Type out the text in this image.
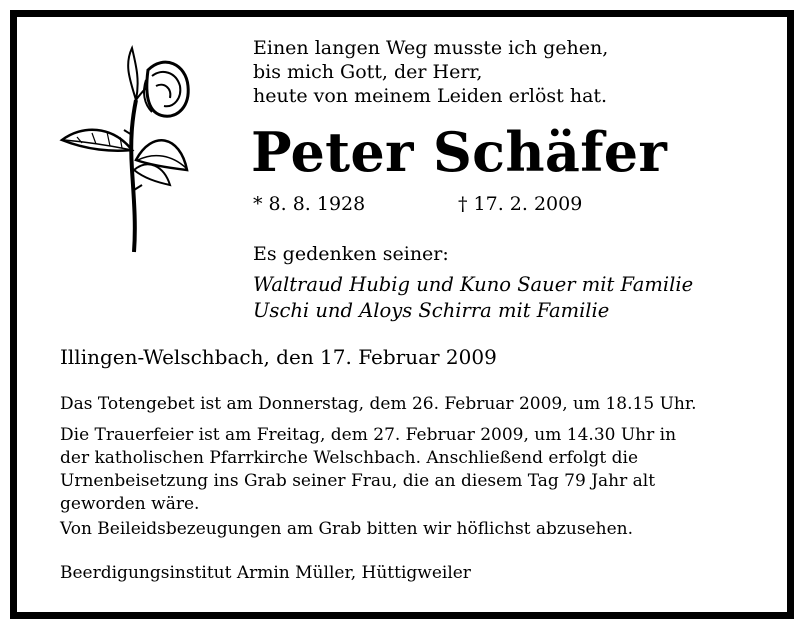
Einen langen Weg musste ich gehen,
bis mich Gott, der Herr,
heute von meinem Leiden erlöst hat.
Peter Schäfer
* 8. 8. 1928	† 17. 2. 2009
Es gedenken seiner:
Waltraud Hubig und Kuno Sauer mit Familie
Uschi und Aloys Schirra mit Familie
Illingen-Welschbach, den 17. Februar 2009

Das Totengebet ist am Donnerstag, dem 26. Februar 2009, um 18.15 Uhr.

Die Trauerfeier ist am Freitag, dem 27. Februar 2009, um 14.30 Uhr in
der katholischen Pfarrkirche Welschbach. Anschließend erfolgt die
Urnenbeisetzung ins Grab seiner Frau, die an diesem Tag 79 Jahr alt
geworden wäre.

Von Beileidsbezeugungen am Grab bitten wir höflichst abzusehen.

Beerdigungsinstitut Armin Müller, Hüttigweiler
